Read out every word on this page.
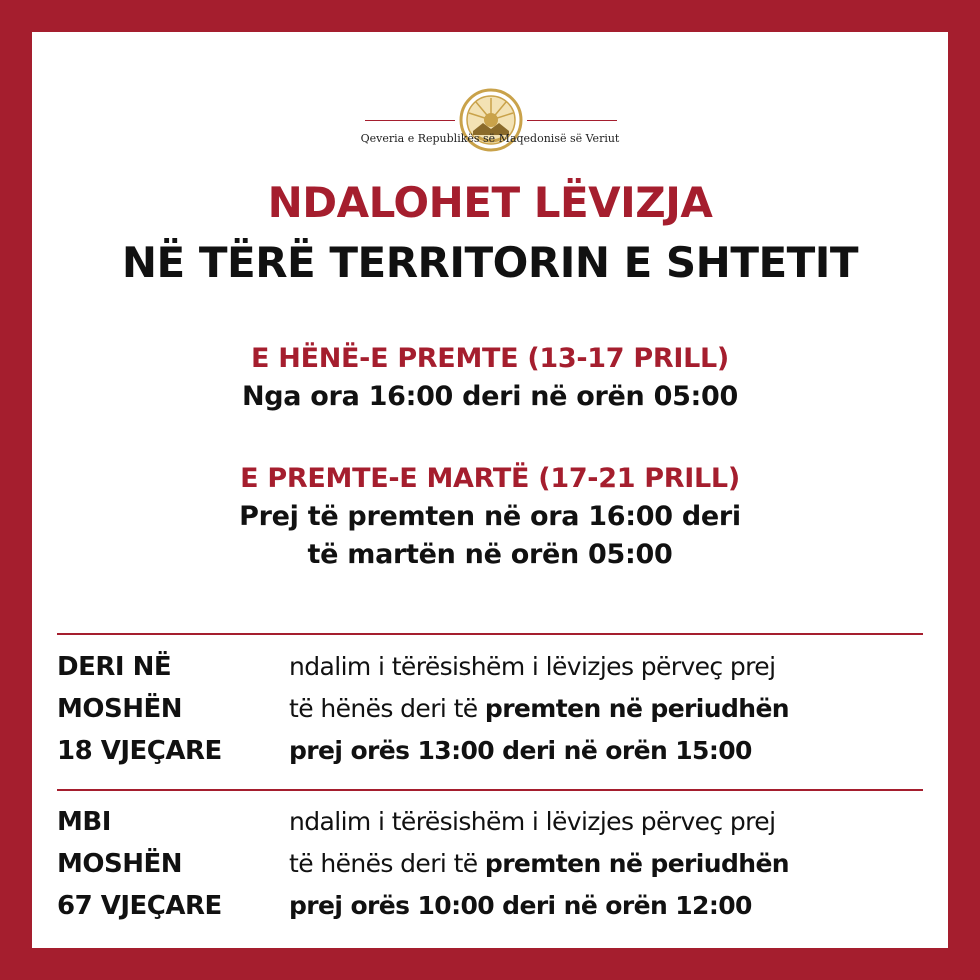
Qeveria e Republikës së Maqedonisë së Veriut
NDALOHET LËVIZJA
NË TËRË TERRITORIN E SHTETIT
E HËNË-E PREMTE (13-17 PRILL)
Nga ora 16:00 deri në orën 05:00
E PREMTE-E MARTË (17-21 PRILL)
Prej të premten në ora 16:00 deri
të martën në orën 05:00
DERI NË
MOSHËN
18 VJEÇARE
ndalim i tërësishëm i lëvizjes përveç prej
të hënës deri të premten në periudhën
prej orës 13:00 deri në orën 15:00
MBI
MOSHËN
67 VJEÇARE
ndalim i tërësishëm i lëvizjes përveç prej
të hënës deri të premten në periudhën
prej orës 10:00 deri në orën 12:00
